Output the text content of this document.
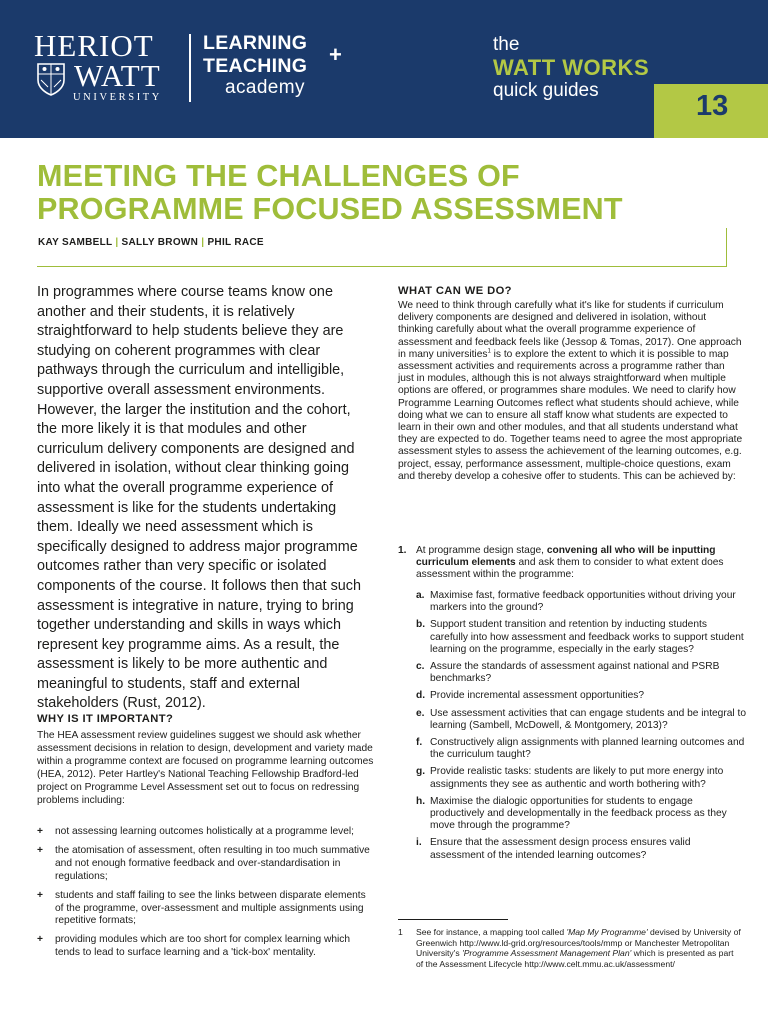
HERIOT
WATT
UNIVERSITY
LEARNING
TEACHING +
academy
the
WATT WORKS
quick guides	13
MEETING THE CHALLENGES OF
PROGRAMME FOCUSED ASSESSMENT
KAY SAMBELL | SALLY BROWN | PHIL RACE

In programmes where course teams know one another and their students, it is relatively straightforward to help students believe they are studying on coherent programmes with clear pathways through the curriculum and intelligible, supportive overall assessment environments. However, the larger the institution and the cohort, the more likely it is that modules and other curriculum delivery components are designed and delivered in isolation, without clear thinking going into what the overall programme experience of assessment is like for the students undertaking them. Ideally we need assessment which is specifically designed to address major programme outcomes rather than very specific or isolated components of the course. It follows then that such assessment is integrative in nature, trying to bring together understanding and skills in ways which represent key programme aims. As a result, the assessment is likely to be more authentic and meaningful to students, staff and external stakeholders (Rust, 2012).

WHY IS IT IMPORTANT?

The HEA assessment review guidelines suggest we should ask whether assessment decisions in relation to design, development and variety made within a programme context are focused on programme learning outcomes (HEA, 2012). Peter Hartley's National Teaching Fellowship Bradford-led project on Programme Level Assessment set out to focus on redressing problems including:

+ not assessing learning outcomes holistically at a programme level;
+ the atomisation of assessment, often resulting in too much summative and not enough formative feedback and over-standardisation in regulations;
+ students and staff failing to see the links between disparate elements of the programme, over-assessment and multiple assignments using repetitive formats;
+ providing modules which are too short for complex learning which tends to lead to surface learning and a 'tick-box' mentality.
WHAT CAN WE DO?

We need to think through carefully what it's like for students if curriculum delivery components are designed and delivered in isolation, without thinking carefully about what the overall programme experience of assessment and feedback feels like (Jessop & Tomas, 2017). One approach in many universities$^1$ is to explore the extent to which it is possible to map assessment activities and requirements across a programme rather than just in modules, although this is not always straightforward when multiple options are offered, or programmes share modules. We need to clarify how Programme Learning Outcomes reflect what students should achieve, while doing what we can to ensure all staff know what students are expected to learn in their own and other modules, and that all students understand what they are expected to do. Together teams need to agree the most appropriate assessment styles to assess the achievement of the learning outcomes, e.g. project, essay, performance assessment, multiple-choice questions, exam and thereby develop a cohesive offer to students. This can be achieved by:

1. At programme design stage, convening all who will be inputting curriculum elements and ask them to consider to what extent does assessment within the programme:
a. Maximise fast, formative feedback opportunities without driving your markers into the ground?
b. Support student transition and retention by inducting students carefully into how assessment and feedback works to support student learning on the programme, especially in the early stages?
c. Assure the standards of assessment against national and PSRB benchmarks?
d. Provide incremental assessment opportunities?
e. Use assessment activities that can engage students and be integral to learning (Sambell, McDowell, & Montgomery, 2013)?
f. Constructively align assignments with planned learning outcomes and the curriculum taught?
g. Provide realistic tasks: students are likely to put more energy into assignments they see as authentic and worth bothering with?
h. Maximise the dialogic opportunities for students to engage productively and developmentally in the feedback process as they move through the programme?
i. Ensure that the assessment design process ensures valid assessment of the intended learning outcomes?
1	See for instance, a mapping tool called 'Map My Programme' devised by University of Greenwich http://www.ld-grid.org/resources/tools/mmp or Manchester Metropolitan University's 'Programme Assessment Management Plan' which is presented as part of the Assessment Lifecycle http://www.celt.mmu.ac.uk/assessment/
